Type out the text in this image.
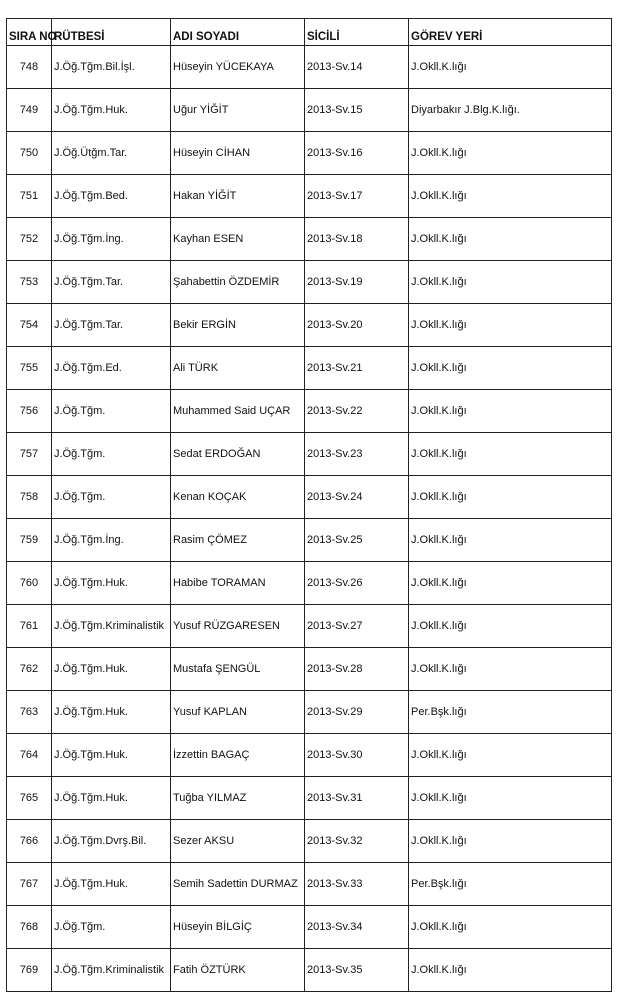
SIRA NO	RÜTBESİ	ADI SOYADI	SİCİLİ	GÖREV YERİ
748	J.Öğ.Tğm.Bil.İşl.	Hüseyin YÜCEKAYA	2013-Sv.14	J.Okll.K.lığı
749	J.Öğ.Tğm.Huk.	Uğur YİĞİT	2013-Sv.15	Diyarbakır J.Blg.K.lığı.
750	J.Öğ.Ütğm.Tar.	Hüseyin CİHAN	2013-Sv.16	J.Okll.K.lığı
751	J.Öğ.Tğm.Bed.	Hakan YİĞİT	2013-Sv.17	J.Okll.K.lığı
752	J.Öğ.Tğm.İng.	Kayhan ESEN	2013-Sv.18	J.Okll.K.lığı
753	J.Öğ.Tğm.Tar.	Şahabettin ÖZDEMİR	2013-Sv.19	J.Okll.K.lığı
754	J.Öğ.Tğm.Tar.	Bekir ERGİN	2013-Sv.20	J.Okll.K.lığı
755	J.Öğ.Tğm.Ed.	Ali TÜRK	2013-Sv.21	J.Okll.K.lığı
756	J.Öğ.Tğm.	Muhammed Said UÇAR	2013-Sv.22	J.Okll.K.lığı
757	J.Öğ.Tğm.	Sedat ERDOĞAN	2013-Sv.23	J.Okll.K.lığı
758	J.Öğ.Tğm.	Kenan KOÇAK	2013-Sv.24	J.Okll.K.lığı
759	J.Öğ.Tğm.İng.	Rasim ÇÖMEZ	2013-Sv.25	J.Okll.K.lığı
760	J.Öğ.Tğm.Huk.	Habibe TORAMAN	2013-Sv.26	J.Okll.K.lığı
761	J.Öğ.Tğm.Kriminalistik	Yusuf RÜZGARESEN	2013-Sv.27	J.Okll.K.lığı
762	J.Öğ.Tğm.Huk.	Mustafa ŞENGÜL	2013-Sv.28	J.Okll.K.lığı
763	J.Öğ.Tğm.Huk.	Yusuf KAPLAN	2013-Sv.29	Per.Bşk.lığı
764	J.Öğ.Tğm.Huk.	İzzettin BAGAÇ	2013-Sv.30	J.Okll.K.lığı
765	J.Öğ.Tğm.Huk.	Tuğba YILMAZ	2013-Sv.31	J.Okll.K.lığı
766	J.Öğ.Tğm.Dvrş.Bil.	Sezer AKSU	2013-Sv.32	J.Okll.K.lığı
767	J.Öğ.Tğm.Huk.	Semih Sadettin DURMAZ	2013-Sv.33	Per.Bşk.lığı
768	J.Öğ.Tğm.	Hüseyin BİLGİÇ	2013-Sv.34	J.Okll.K.lığı
769	J.Öğ.Tğm.Kriminalistik	Fatih ÖZTÜRK	2013-Sv.35	J.Okll.K.lığı
